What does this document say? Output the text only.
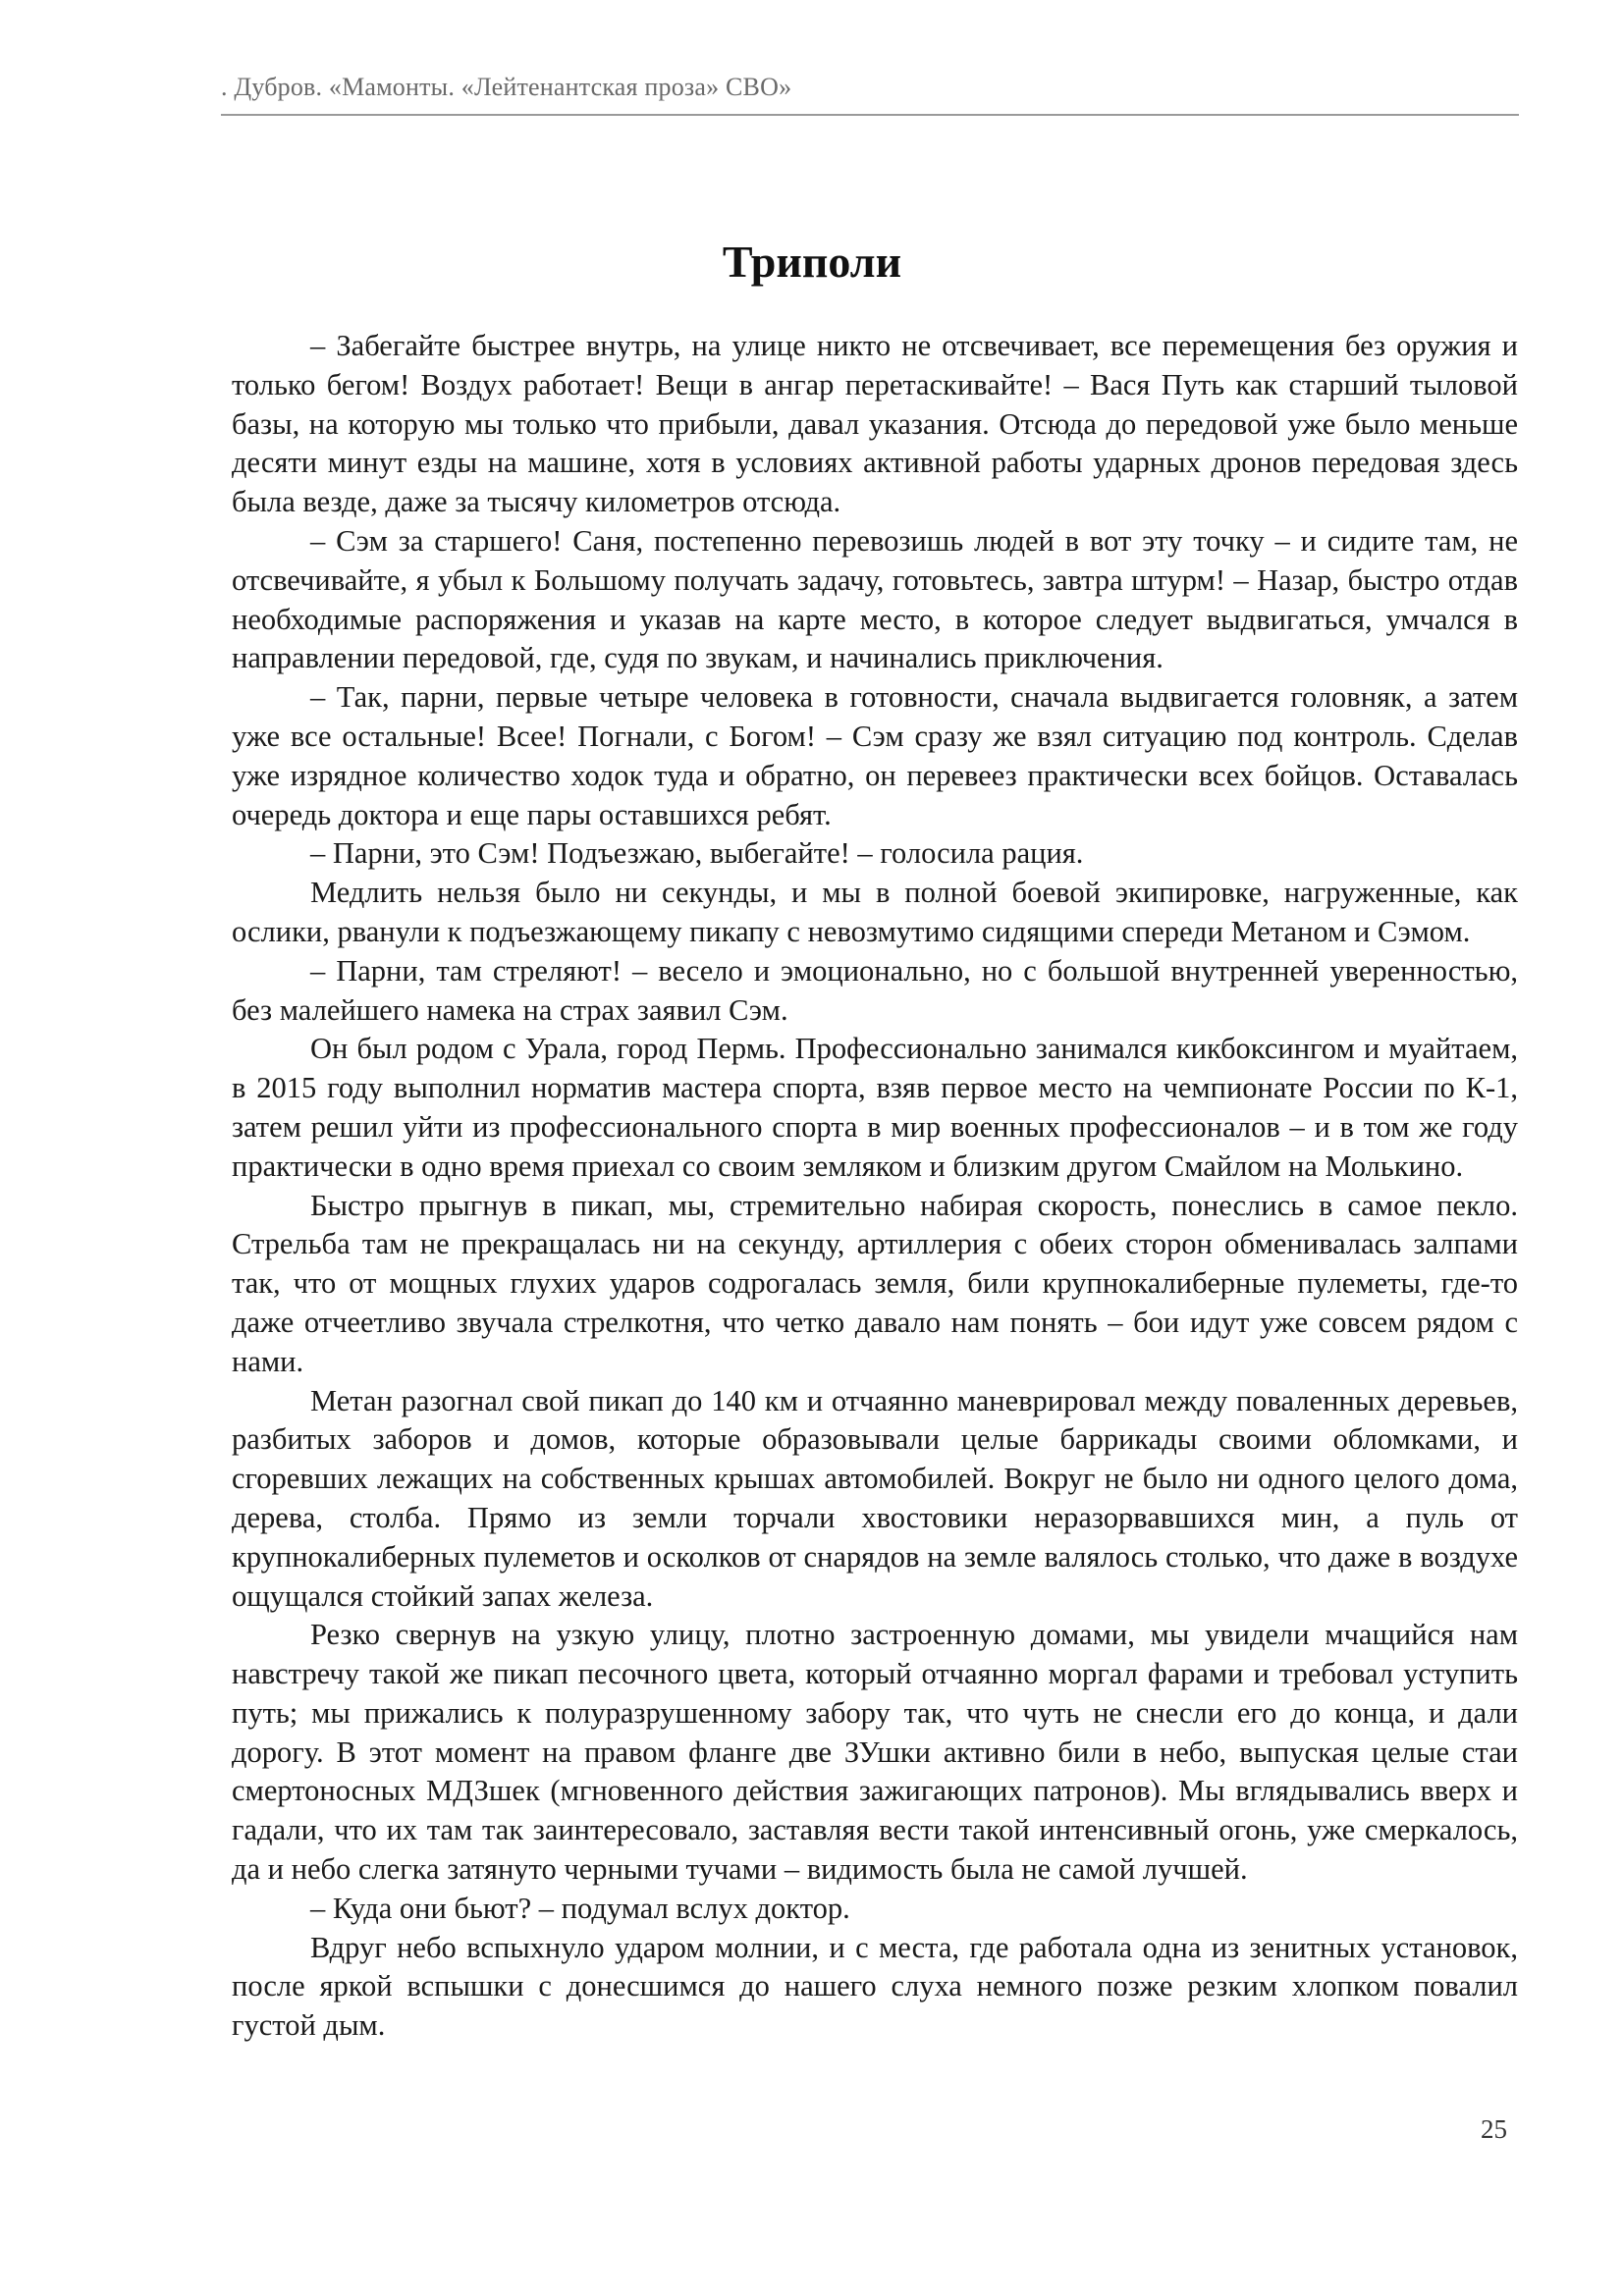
. Дубров. «Мамонты. «Лейтенантская проза» СВО»
Триполи

– Забегайте быстрее внутрь, на улице никто не отсвечивает, все перемещения без оружия и только бегом! Воздух работает! Вещи в ангар перетаскивайте! – Вася Путь как старший тыловой базы, на которую мы только что прибыли, давал указания. Отсюда до передовой уже было меньше десяти минут езды на машине, хотя в условиях активной работы ударных дронов передовая здесь была везде, даже за тысячу километров отсюда.

– Сэм за старшего! Саня, постепенно перевозишь людей в вот эту точку – и сидите там, не отсвечивайте, я убыл к Большому получать задачу, готовьтесь, завтра штурм! – Назар, быстро отдав необходимые распоряжения и указав на карте место, в которое следует выдвигаться, умчался в направлении передовой, где, судя по звукам, и начинались приключения.

– Так, парни, первые четыре человека в готовности, сначала выдвигается головняк, а затем уже все остальные! Всее! Погнали, с Богом! – Сэм сразу же взял ситуацию под контроль. Сделав уже изрядное количество ходок туда и обратно, он перевеез практически всех бойцов. Оставалась очередь доктора и еще пары оставшихся ребят.

– Парни, это Сэм! Подъезжаю, выбегайте! – голосила рация.

Медлить нельзя было ни секунды, и мы в полной боевой экипировке, нагруженные, как ослики, рванули к подъезжающему пикапу с невозмутимо сидящими спереди Метаном и Сэмом.

– Парни, там стреляют! – весело и эмоционально, но с большой внутренней уверенностью, без малейшего намека на страх заявил Сэм.

Он был родом с Урала, город Пермь. Профессионально занимался кикбоксингом и муайтаем, в 2015 году выполнил норматив мастера спорта, взяв первое место на чемпионате России по К-1, затем решил уйти из профессионального спорта в мир военных профессионалов – и в том же году практически в одно время приехал со своим земляком и близким другом Смайлом на Молькино.

Быстро прыгнув в пикап, мы, стремительно набирая скорость, понеслись в самое пекло. Стрельба там не прекращалась ни на секунду, артиллерия с обеих сторон обменивалась залпами так, что от мощных глухих ударов содрогалась земля, били крупнокалиберные пулеметы, где-то даже отчеетливо звучала стрелкотня, что четко давало нам понять – бои идут уже совсем рядом с нами.

Метан разогнал свой пикап до 140 км и отчаянно маневрировал между поваленных деревьев, разбитых заборов и домов, которые образовывали целые баррикады своими обломками, и сгоревших лежащих на собственных крышах автомобилей. Вокруг не было ни одного целого дома, дерева, столба. Прямо из земли торчали хвостовики неразорвавшихся мин, а пуль от крупнокалиберных пулеметов и осколков от снарядов на земле валялось столько, что даже в воздухе ощущался стойкий запах железа.

Резко свернув на узкую улицу, плотно застроенную домами, мы увидели мчащийся нам навстречу такой же пикап песочного цвета, который отчаянно моргал фарами и требовал уступить путь; мы прижались к полуразрушенному забору так, что чуть не снесли его до конца, и дали дорогу. В этот момент на правом фланге две ЗУшки активно били в небо, выпуская целые стаи смертоносных МДЗшек (мгновенного действия зажигающих патронов). Мы вглядывались вверх и гадали, что их там так заинтересовало, заставляя вести такой интенсивный огонь, уже смеркалось, да и небо слегка затянуто черными тучами – видимость была не самой лучшей.

– Куда они бьют? – подумал вслух доктор.

Вдруг небо вспыхнуло ударом молнии, и с места, где работала одна из зенитных установок, после яркой вспышки с донесшимся до нашего слуха немного позже резким хлопком повалил густой дым.

25
